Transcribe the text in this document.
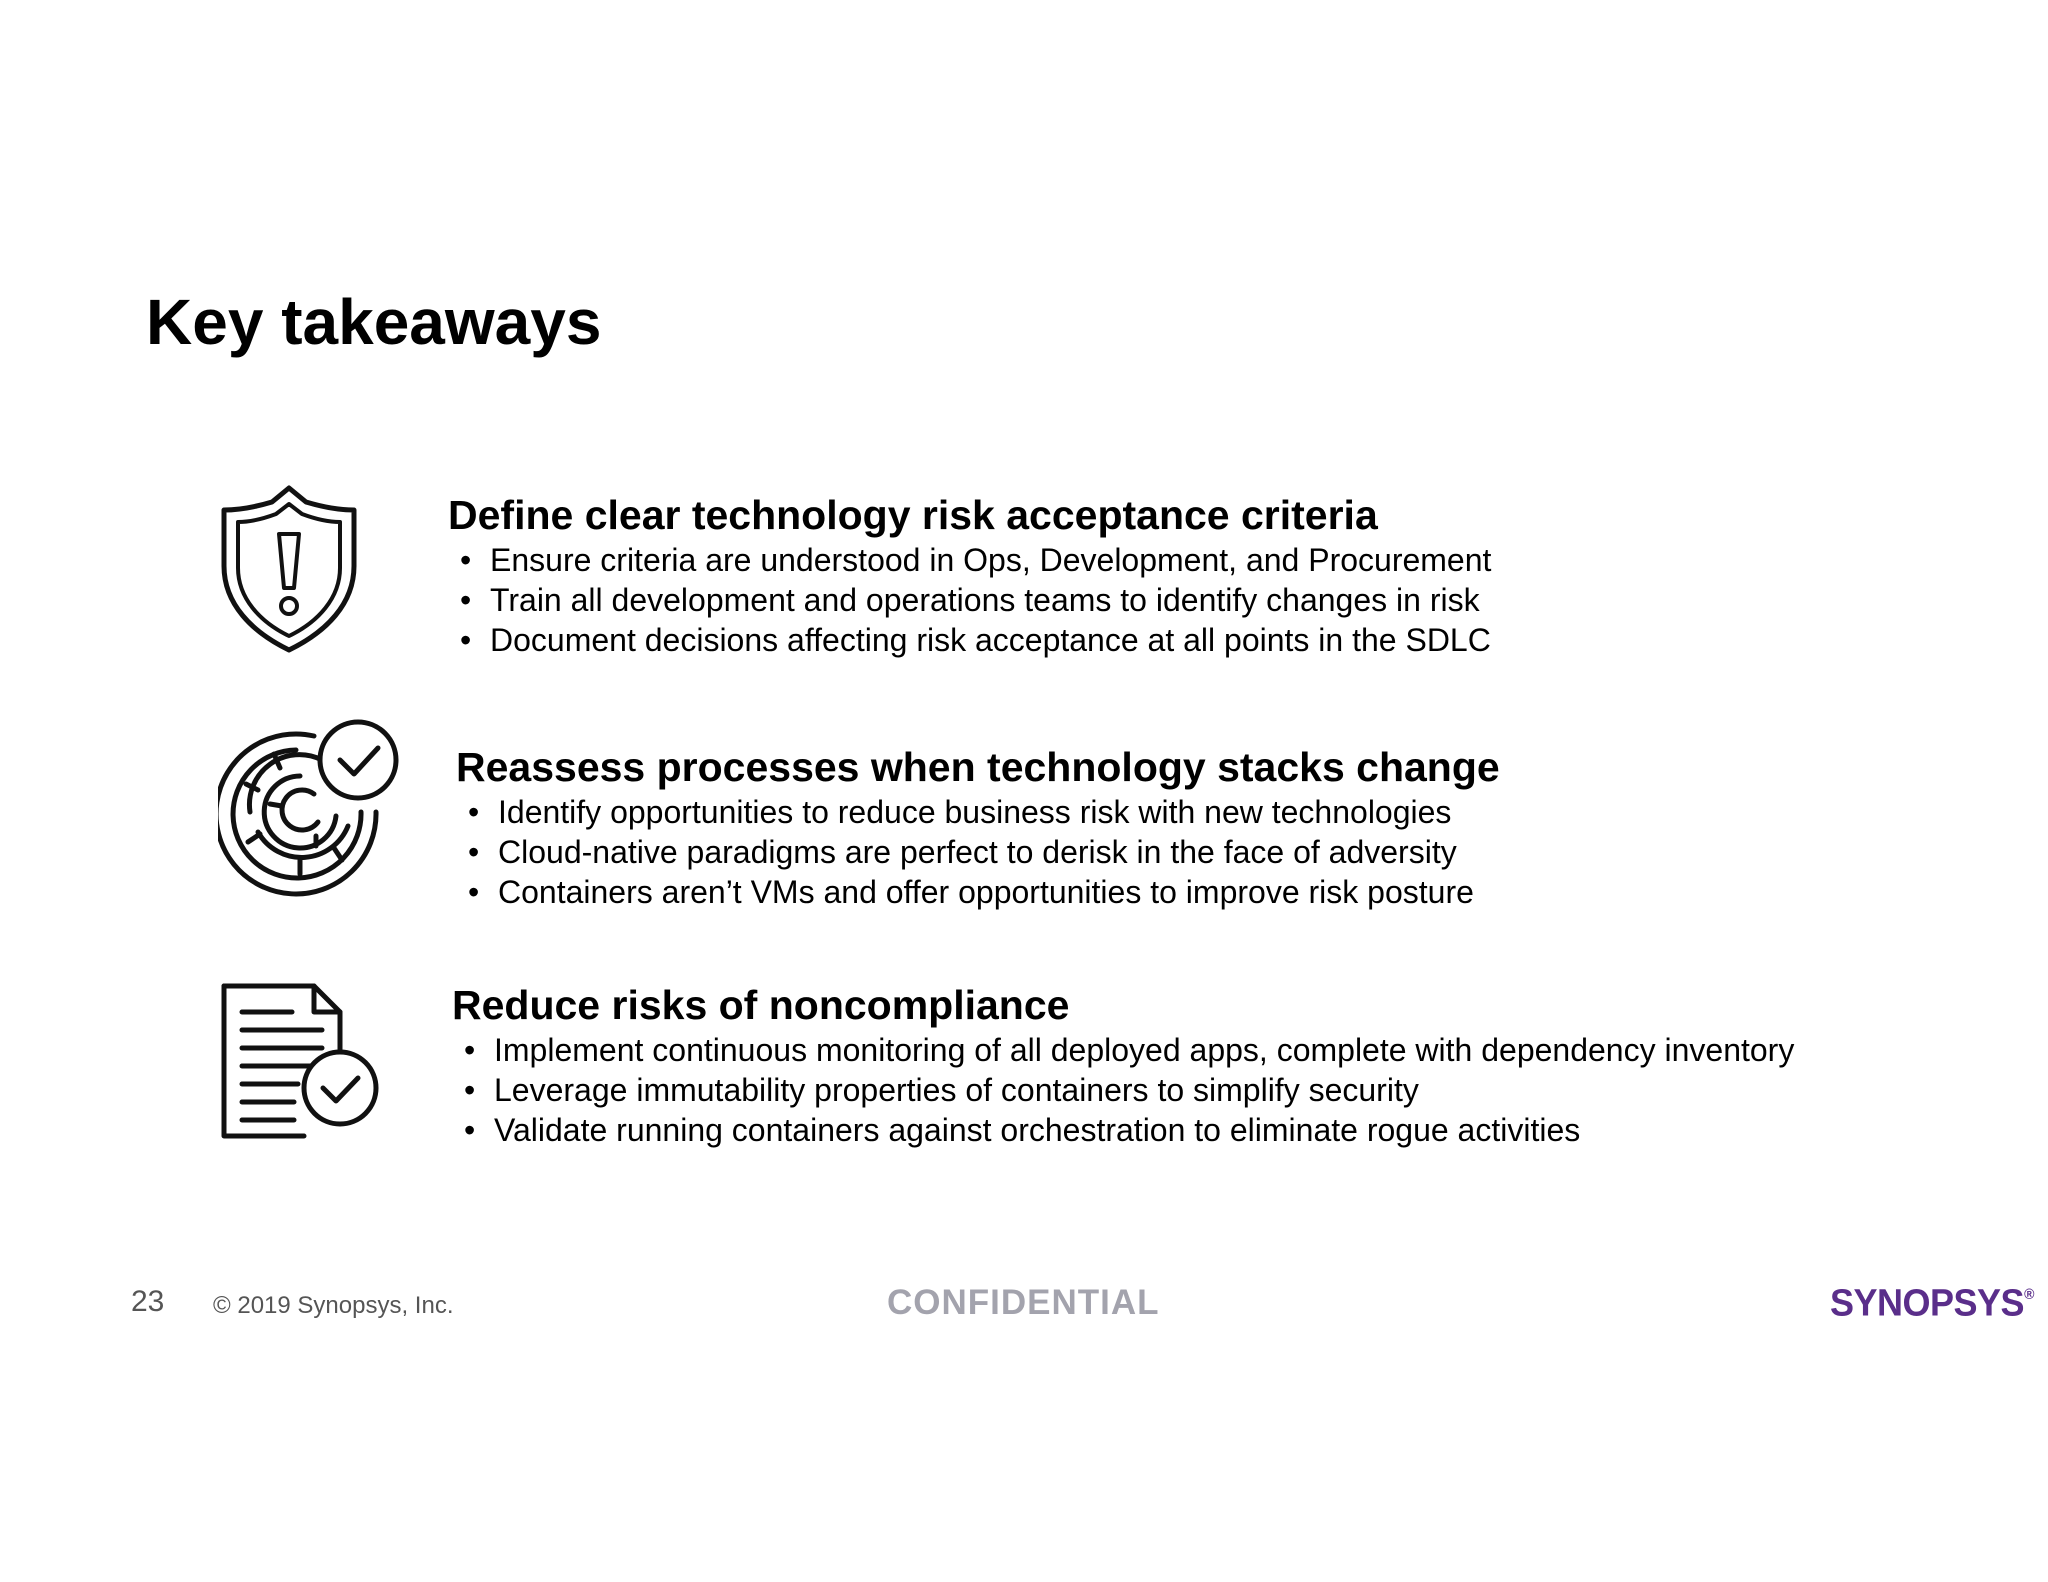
Key takeaways
Define clear technology risk acceptance criteria
• Ensure criteria are understood in Ops, Development, and Procurement
• Train all development and operations teams to identify changes in risk
• Document decisions affecting risk acceptance at all points in the SDLC
Reassess processes when technology stacks change
• Identify opportunities to reduce business risk with new technologies
• Cloud-native paradigms are perfect to derisk in the face of adversity
• Containers aren’t VMs and offer opportunities to improve risk posture
Reduce risks of noncompliance
• Implement continuous monitoring of all deployed apps, complete with dependency inventory
• Leverage immutability properties of containers to simplify security
• Validate running containers against orchestration to eliminate rogue activities
23 © 2019 Synopsys, Inc.	CONFIDENTIAL	SYNOPSYS®
